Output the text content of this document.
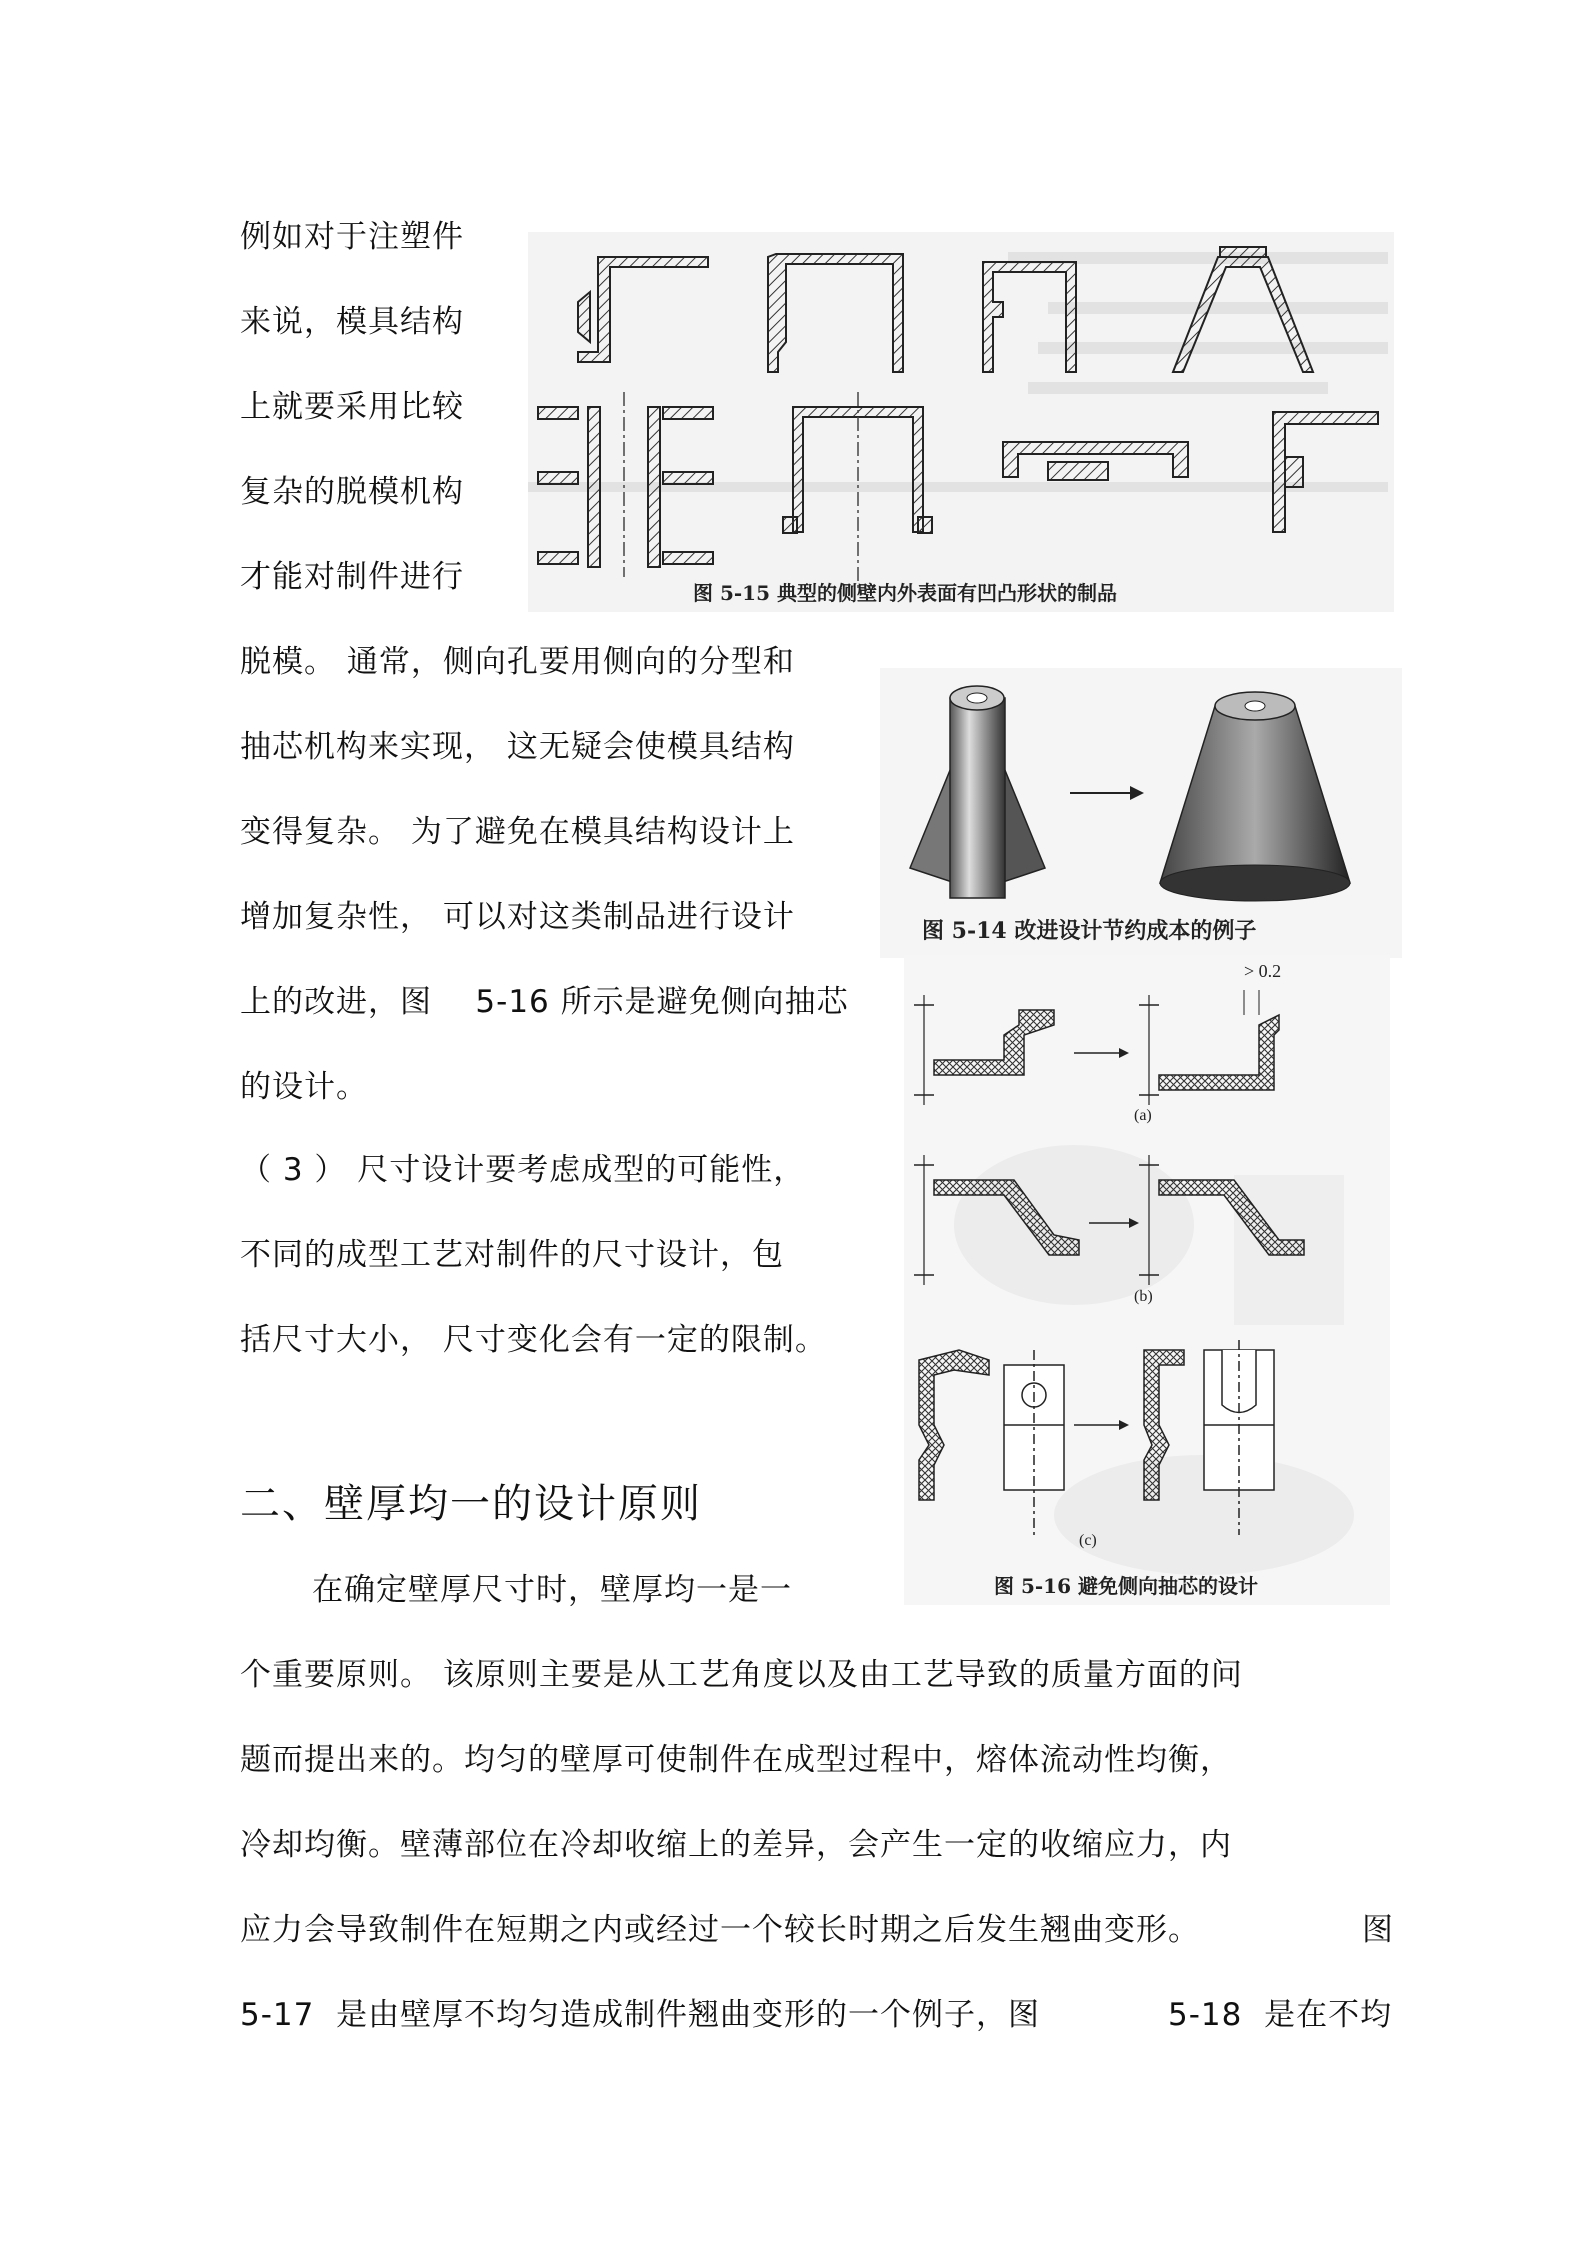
例如对于注塑件
来说，模具结构
上就要采用比较
复杂的脱模机构
才能对制件进行
脱模。 通常，侧向孔要用侧向的分型和
抽芯机构来实现， 这无疑会使模具结构
变得复杂。 为了避免在模具结构设计上
增加复杂性， 可以对这类制品进行设计
上的改进，图    5-16 所示是避免侧向抽芯
的设计。
（ 3 ） 尺寸设计要考虑成型的可能性，
不同的成型工艺对制件的尺寸设计，包
括尺寸大小， 尺寸变化会有一定的限制。
二、壁厚均一的设计原则
在确定壁厚尺寸时，壁厚均一是一
个重要原则。 该原则主要是从工艺角度以及由工艺导致的质量方面的问
题而提出来的。均匀的壁厚可使制件在成型过程中，熔体流动性均衡，
冷却均衡。壁薄部位在冷却收缩上的差异，会产生一定的收缩应力，内
应力会导致制件在短期之内或经过一个较长时期之后发生翘曲变形。	图
5-17  是由壁厚不均匀造成制件翘曲变形的一个例子，图	5-18  是在不均
图 5-15 典型的侧壁内外表面有凹凸形状的制品
图 5-14 改进设计节约成本的例子
> 0.2
(a)
(b)
(c)
图 5-16 避免侧向抽芯的设计
